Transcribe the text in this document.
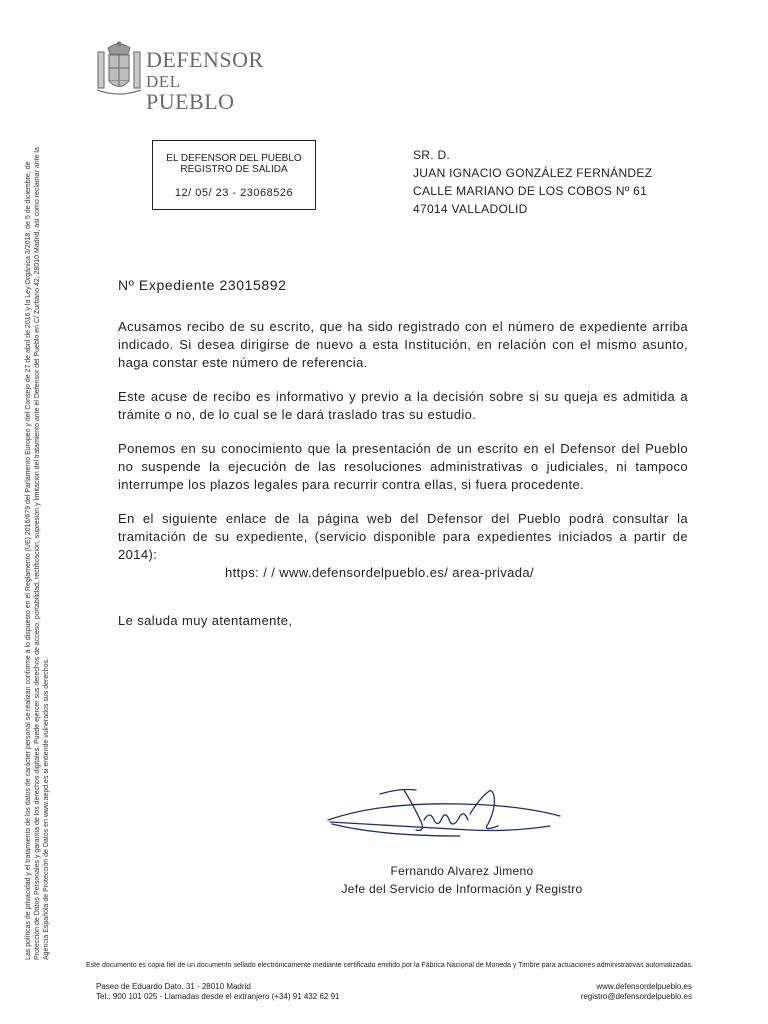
DEFENSOR
DEL PUEBLO
EL DEFENSOR DEL PUEBLO
REGISTRO DE SALIDA
12/ 05/ 23 - 23068526
SR. D.
JUAN IGNACIO GONZÁLEZ FERNÁNDEZ
CALLE MARIANO DE LOS COBOS Nº 61
47014 VALLADOLID

Las políticas de privacidad y el tratamiento de los datos de carácter personal se realizan conforme a lo dispuesto en el Reglamento (UE) 2016/679 del Parlamento Europeo y del Consejo de 27 de abril de 2016 y la Ley Orgánica 3/2018, de 5 de diciembre, de Protección de Datos Personales y garantía de los derechos digitales. Puede ejercer sus derechos de acceso, portabilidad, rectificación, supresión y limitación del tratamiento ante el Defensor del Pueblo en C/ Zurbano 42, 28010 Madrid, así como reclamar ante la Agencia Española de Protección de Datos en www.aepd.es si entiende vulnerados sus derechos.

Nº Expediente 23015892

Acusamos recibo de su escrito, que ha sido registrado con el número de expediente arriba indicado. Si desea dirigirse de nuevo a esta Institución, en relación con el mismo asunto, haga constar este número de referencia.

Este acuse de recibo es informativo y previo a la decisión sobre si su queja es admitida a trámite o no, de lo cual se le dará traslado tras su estudio.

Ponemos en su conocimiento que la presentación de un escrito en el Defensor del Pueblo no suspende la ejecución de las resoluciones administrativas o judiciales, ni tampoco interrumpe los plazos legales para recurrir contra ellas, si fuera procedente.

En el siguiente enlace de la página web del Defensor del Pueblo podrá consultar la tramitación de su expediente, (servicio disponible para expedientes iniciados a partir de 2014):

https: / / www.defensordelpueblo.es/ area-privada/

Le saluda muy atentamente,

Fernando Alvarez Jimeno
Jefe del Servicio de Información y Registro
Este documento es copia fiel de un documento sellado electrónicamente mediante certificado emitido por la Fábrica Nacional de Moneda y Timbre para actuaciones administrativas automatizadas.
Paseo de Eduardo Dato, 31 - 28010 Madrid
Tel.: 900 101 025 - Llamadas desde el extranjero (+34) 91 432 62 91
www.defensordelpueblo.es
registro@defensordelpueblo.es
